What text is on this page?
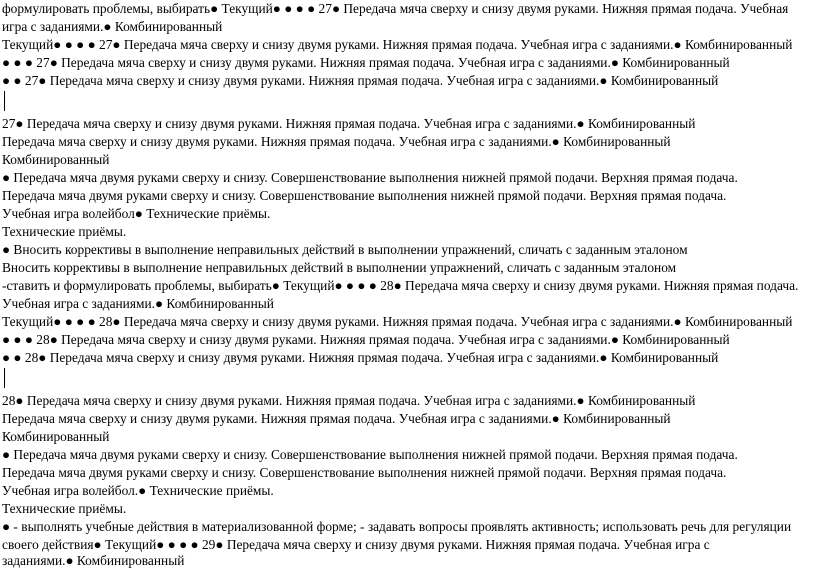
формулировать проблемы, выбирать● Текущий● ● ● ● 27● Передача мяча сверху и снизу двумя руками. Нижняя прямая подача. Учебная

игра с заданиями.● Комбинированный

Текущий● ● ● ● 27● Передача мяча сверху и снизу двумя руками. Нижняя прямая подача. Учебная игра с заданиями.● Комбинированный

● ● ● 27● Передача мяча сверху и снизу двумя руками. Нижняя прямая подача. Учебная игра с заданиями.● Комбинированный

● ● 27● Передача мяча сверху и снизу двумя руками. Нижняя прямая подача. Учебная игра с заданиями.● Комбинированный

27● Передача мяча сверху и снизу двумя руками. Нижняя прямая подача. Учебная игра с заданиями.● Комбинированный

Передача мяча сверху и снизу двумя руками. Нижняя прямая подача. Учебная игра с заданиями.● Комбинированный

Комбинированный

● Передача мяча двумя руками сверху и снизу. Совершенствование выполнения нижней прямой подачи. Верхняя прямая подача.

Передача мяча двумя руками сверху и снизу. Совершенствование выполнения нижней прямой подачи. Верхняя прямая подача.

Учебная игра волейбол● Технические приёмы.

Технические приёмы.

● Вносить коррективы в выполнение неправильных действий в выполнении упражнений, сличать с заданным эталоном

Вносить коррективы в выполнение неправильных действий в выполнении упражнений, сличать с заданным эталоном

-ставить и формулировать проблемы, выбирать● Текущий● ● ● ● 28● Передача мяча сверху и снизу двумя руками. Нижняя прямая подача.

Учебная игра с заданиями.● Комбинированный

Текущий● ● ● ● 28● Передача мяча сверху и снизу двумя руками. Нижняя прямая подача. Учебная игра с заданиями.● Комбинированный

● ● ● 28● Передача мяча сверху и снизу двумя руками. Нижняя прямая подача. Учебная игра с заданиями.● Комбинированный

● ● 28● Передача мяча сверху и снизу двумя руками. Нижняя прямая подача. Учебная игра с заданиями.● Комбинированный

28● Передача мяча сверху и снизу двумя руками. Нижняя прямая подача. Учебная игра с заданиями.● Комбинированный

Передача мяча сверху и снизу двумя руками. Нижняя прямая подача. Учебная игра с заданиями.● Комбинированный

Комбинированный

● Передача мяча двумя руками сверху и снизу. Совершенствование выполнения нижней прямой подачи. Верхняя прямая подача.

Передача мяча двумя руками сверху и снизу. Совершенствование выполнения нижней прямой подачи. Верхняя прямая подача.

Учебная игра волейбол.● Технические приёмы.

Технические приёмы.

● - выполнять учебные действия в материализованной форме; - задавать вопросы проявлять активность; использовать речь для регуляции

своего действия● Текущий● ● ● ● 29● Передача мяча сверху и снизу двумя руками. Нижняя прямая подача. Учебная игра с

заданиями.● Комбинированный
